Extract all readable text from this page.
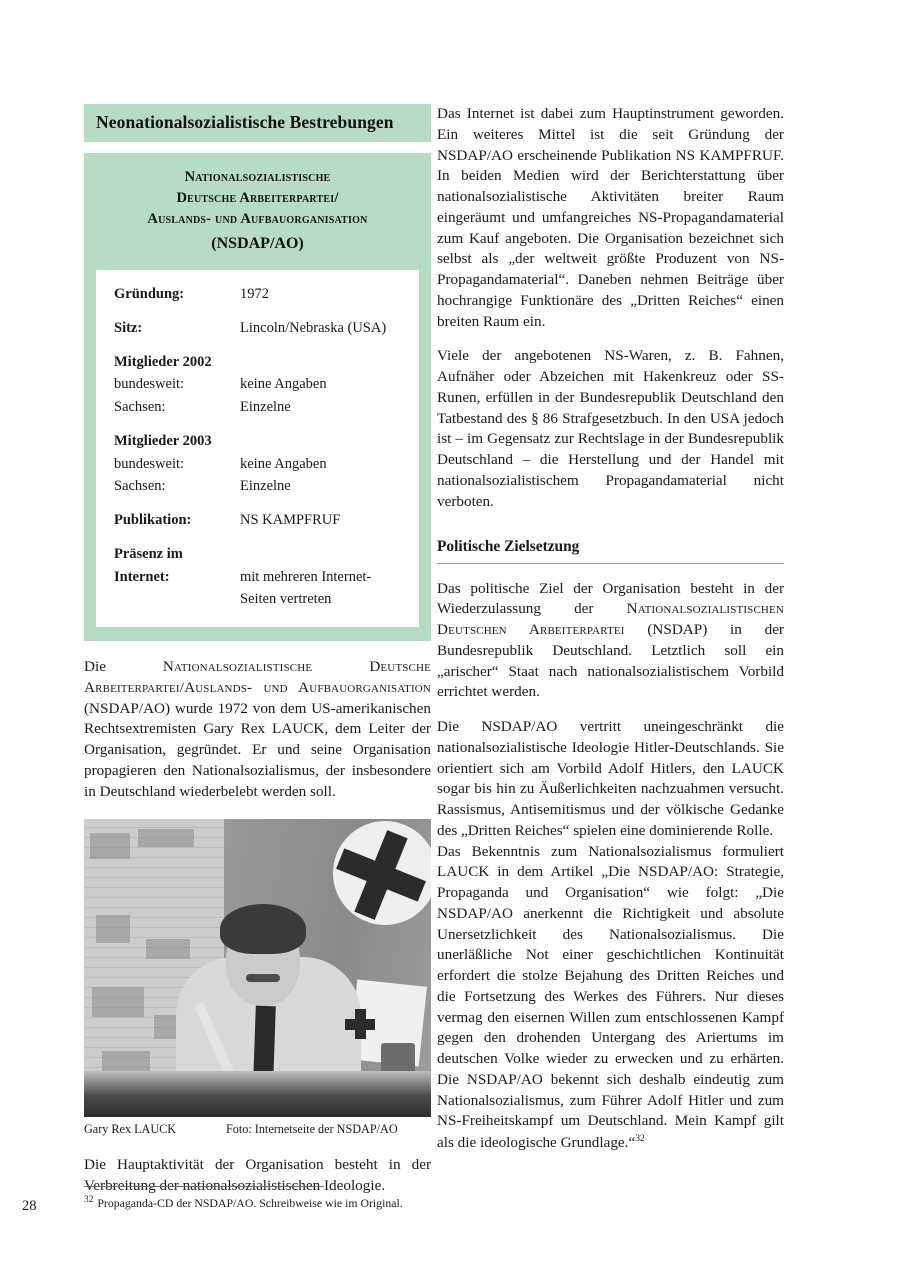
Neonationalsozialistische Bestrebungen
Nationalsozialistische
Deutsche Arbeiterpartei/
Auslands- und Aufbauorganisation
(NSDAP/AO)
Gründung:	1972
Sitz:	Lincoln/Nebraska (USA)
Mitglieder 2002
bundesweit:	keine Angaben
Sachsen:	Einzelne
Mitglieder 2003
bundesweit:	keine Angaben
Sachsen:	Einzelne
Publikation:	NS KAMPFRUF
Präsenz im
Internet:	mit mehreren Internet-
Seiten vertreten

Die Nationalsozialistische Deutsche Arbeiterpartei/Auslands- und Aufbauorganisation (NSDAP/AO) wurde 1972 von dem US-amerikanischen Rechtsextremisten Gary Rex LAUCK, dem Leiter der Organisation, gegründet. Er und seine Organisation propagieren den Nationalsozialismus, der insbesondere in Deutschland wiederbelebt werden soll.

Gary Rex LAUCK	Foto: Internetseite der NSDAP/AO

Die Hauptaktivität der Organisation besteht in der Verbreitung der nationalsozialistischen Ideologie.

Das Internet ist dabei zum Hauptinstrument geworden. Ein weiteres Mittel ist die seit Gründung der NSDAP/AO erscheinende Publikation NS KAMPFRUF. In beiden Medien wird der Berichterstattung über nationalsozialistische Aktivitäten breiter Raum eingeräumt und umfangreiches NS-Propagandamaterial zum Kauf angeboten. Die Organisation bezeichnet sich selbst als „der weltweit größte Produzent von NS-Propagandamaterial“. Daneben nehmen Beiträge über hochrangige Funktionäre des „Dritten Reiches“ einen breiten Raum ein.

Viele der angebotenen NS-Waren, z. B. Fahnen, Aufnäher oder Abzeichen mit Hakenkreuz oder SS-Runen, erfüllen in der Bundesrepublik Deutschland den Tatbestand des § 86 Strafgesetzbuch. In den USA jedoch ist – im Gegensatz zur Rechtslage in der Bundesrepublik Deutschland – die Herstellung und der Handel mit nationalsozialistischem Propagandamaterial nicht verboten.

Politische Zielsetzung

Das politische Ziel der Organisation besteht in der Wiederzulassung der Nationalsozialistischen Deutschen Arbeiterpartei (NSDAP) in der Bundesrepublik Deutschland. Letztlich soll ein „arischer“ Staat nach nationalsozialistischem Vorbild errichtet werden.

Die NSDAP/AO vertritt uneingeschränkt die nationalsozialistische Ideologie Hitler-Deutschlands. Sie orientiert sich am Vorbild Adolf Hitlers, den LAUCK sogar bis hin zu Äußerlichkeiten nachzuahmen versucht. Rassismus, Antisemitismus und der völkische Gedanke des „Dritten Reiches“ spielen eine dominierende Rolle.

Das Bekenntnis zum Nationalsozialismus formuliert LAUCK in dem Artikel „Die NSDAP/AO: Strategie, Propaganda und Organisation“ wie folgt: „Die NSDAP/AO anerkennt die Richtigkeit und absolute Unersetzlichkeit des Nationalsozialismus. Die unerläßliche Not einer geschichtlichen Kontinuität erfordert die stolze Bejahung des Dritten Reiches und die Fortsetzung des Werkes des Führers. Nur dieses vermag den eisernen Willen zum entschlossenen Kampf gegen den drohenden Untergang des Ariertums im deutschen Volke wieder zu erwecken und zu erhärten. Die NSDAP/AO bekennt sich deshalb eindeutig zum Nationalsozialismus, zum Führer Adolf Hitler und zum NS-Freiheitskampf um Deutschland. Mein Kampf gilt als die ideologische Grundlage.“$^{32}$

28	$^{32}$ Propaganda-CD der NSDAP/AO. Schreibweise wie im Original.
